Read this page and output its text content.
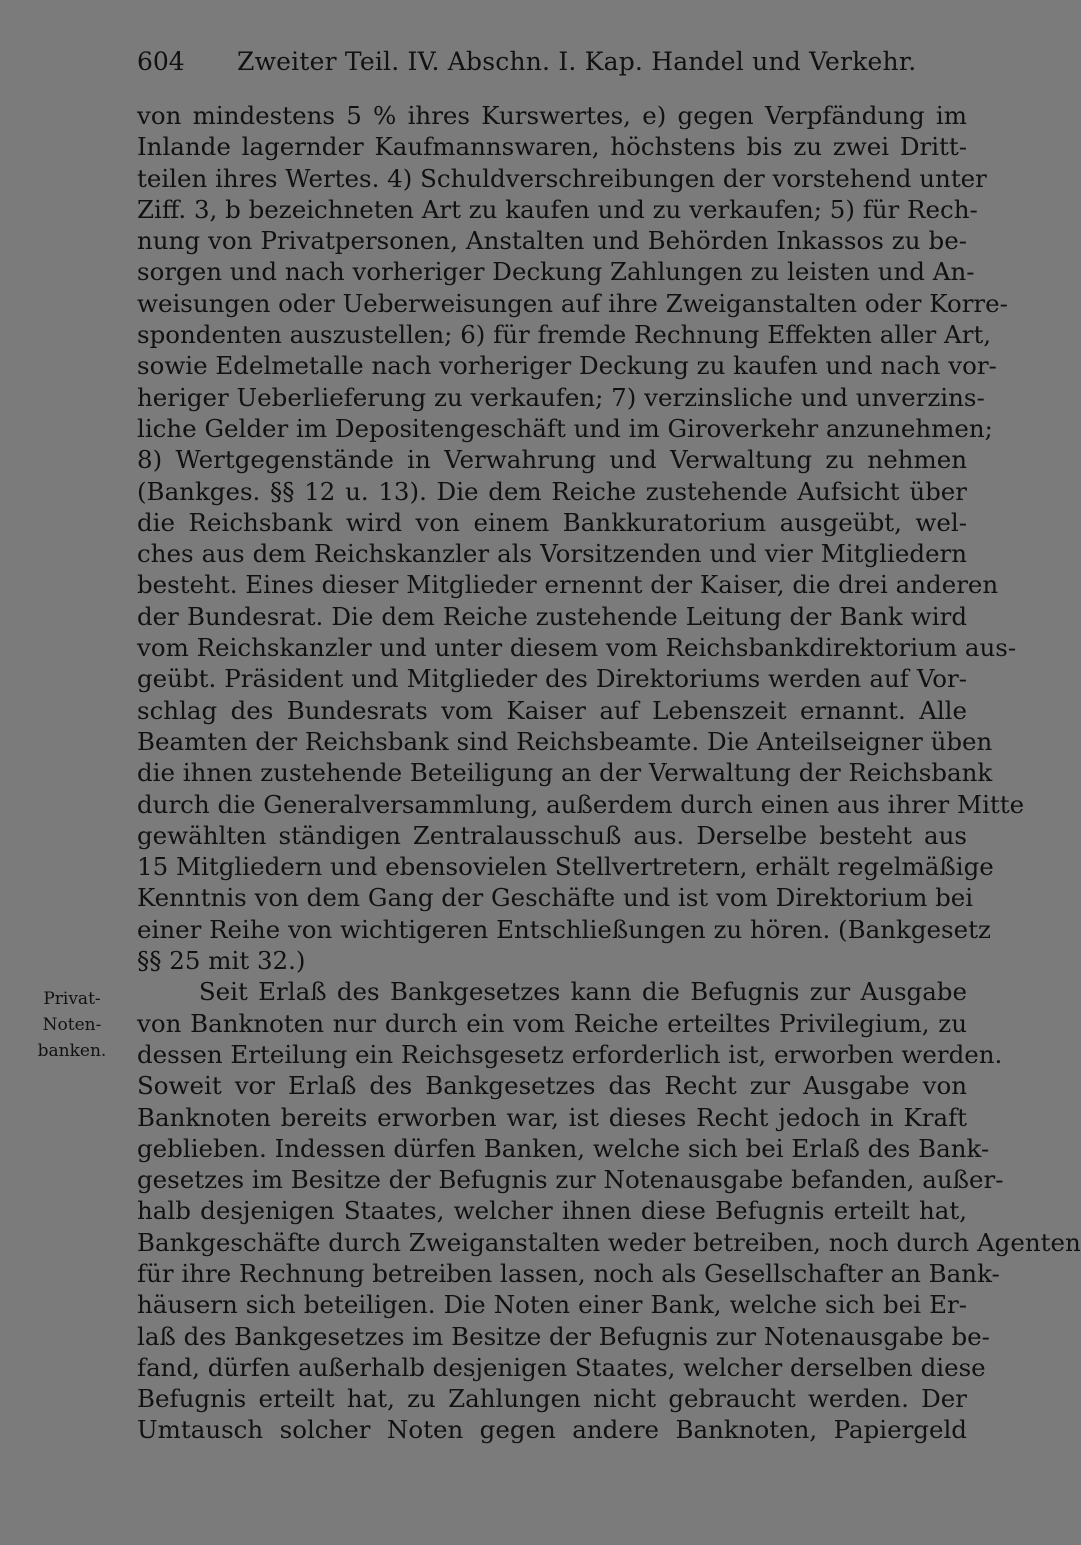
604 Zweiter Teil. IV. Abschn. I. Kap. Handel und Verkehr.
Privat-
Noten-
banken.
von mindestens 5 % ihres Kurswertes, e) gegen Verpfändung im
Inlande lagernder Kaufmannswaren, höchstens bis zu zwei Dritt-
teilen ihres Wertes. 4) Schuldverschreibungen der vorstehend unter
Ziff. 3, b bezeichneten Art zu kaufen und zu verkaufen; 5) für Rech-
nung von Privatpersonen, Anstalten und Behörden Inkassos zu be-
sorgen und nach vorheriger Deckung Zahlungen zu leisten und An-
weisungen oder Ueberweisungen auf ihre Zweiganstalten oder Korre-
spondenten auszustellen; 6) für fremde Rechnung Effekten aller Art,
sowie Edelmetalle nach vorheriger Deckung zu kaufen und nach vor-
heriger Ueberlieferung zu verkaufen; 7) verzinsliche und unverzins-
liche Gelder im Depositengeschäft und im Giroverkehr anzunehmen;
8) Wertgegenstände in Verwahrung und Verwaltung zu nehmen
(Bankges. §§ 12 u. 13). Die dem Reiche zustehende Aufsicht über
die Reichsbank wird von einem Bankkuratorium ausgeübt, wel-
ches aus dem Reichskanzler als Vorsitzenden und vier Mitgliedern
besteht. Eines dieser Mitglieder ernennt der Kaiser, die drei anderen
der Bundesrat. Die dem Reiche zustehende Leitung der Bank wird
vom Reichskanzler und unter diesem vom Reichsbankdirektorium aus-
geübt. Präsident und Mitglieder des Direktoriums werden auf Vor-
schlag des Bundesrats vom Kaiser auf Lebenszeit ernannt. Alle
Beamten der Reichsbank sind Reichsbeamte. Die Anteilseigner üben
die ihnen zustehende Beteiligung an der Verwaltung der Reichsbank
durch die Generalversammlung, außerdem durch einen aus ihrer Mitte
gewählten ständigen Zentralausschuß aus. Derselbe besteht aus
15 Mitgliedern und ebensovielen Stellvertretern, erhält regelmäßige
Kenntnis von dem Gang der Geschäfte und ist vom Direktorium bei
einer Reihe von wichtigeren Entschließungen zu hören. (Bankgesetz
§§ 25 mit 32.)
Seit Erlaß des Bankgesetzes kann die Befugnis zur Ausgabe
von Banknoten nur durch ein vom Reiche erteiltes Privilegium, zu
dessen Erteilung ein Reichsgesetz erforderlich ist, erworben werden.
Soweit vor Erlaß des Bankgesetzes das Recht zur Ausgabe von
Banknoten bereits erworben war, ist dieses Recht jedoch in Kraft
geblieben. Indessen dürfen Banken, welche sich bei Erlaß des Bank-
gesetzes im Besitze der Befugnis zur Notenausgabe befanden, außer-
halb desjenigen Staates, welcher ihnen diese Befugnis erteilt hat,
Bankgeschäfte durch Zweiganstalten weder betreiben, noch durch Agenten
für ihre Rechnung betreiben lassen, noch als Gesellschafter an Bank-
häusern sich beteiligen. Die Noten einer Bank, welche sich bei Er-
laß des Bankgesetzes im Besitze der Befugnis zur Notenausgabe be-
fand, dürfen außerhalb desjenigen Staates, welcher derselben diese
Befugnis erteilt hat, zu Zahlungen nicht gebraucht werden. Der
Umtausch solcher Noten gegen andere Banknoten, Papiergeld
